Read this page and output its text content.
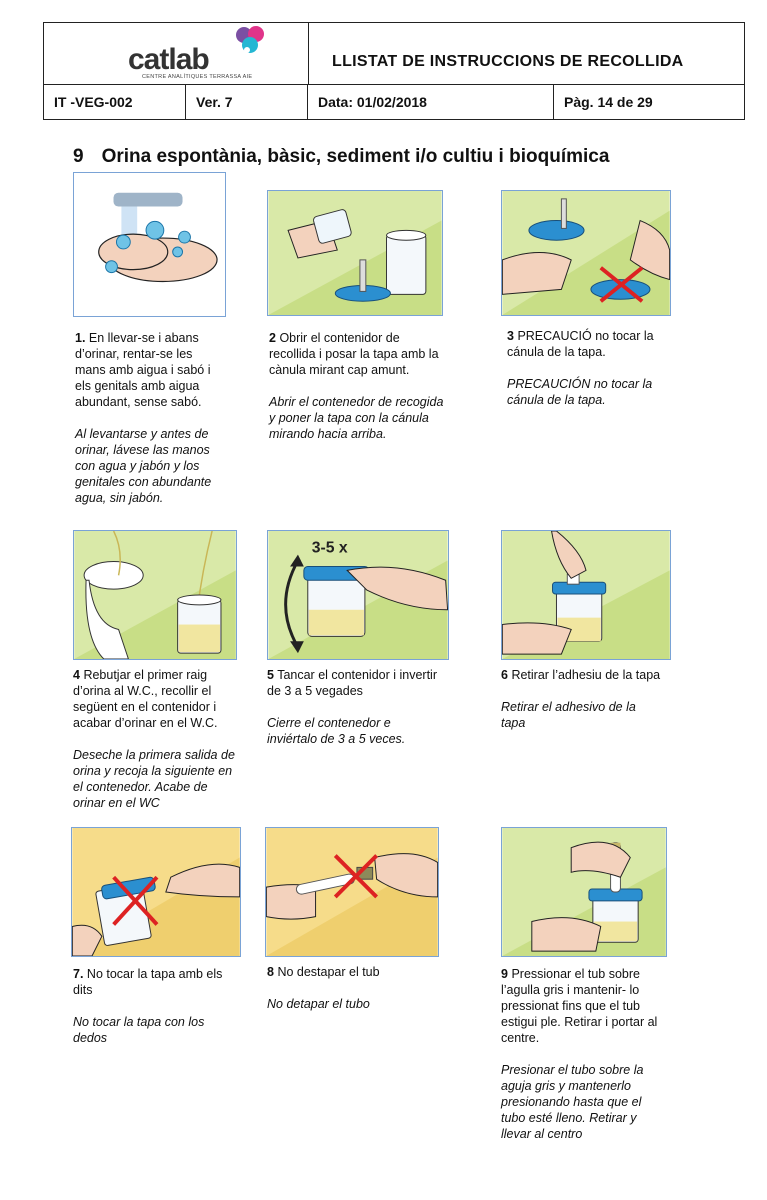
catlab
CENTRE ANALÍTIQUES TERRASSA AIE
LLISTAT DE INSTRUCCIONS DE RECOLLIDA
IT -VEG-002	Ver. 7	Data: 01/02/2018	Pàg. 14 de 29
9 Orina espontània, bàsic, sediment i/o cultiu i bioquímica

1. En llevar-se i abans d’orinar, rentar-se les mans amb aigua i sabó i els genitals amb aigua abundant, sense sabó.

Al levantarse y antes de orinar, lávese las manos con agua y jabón y los genitales con abundante agua, sin jabón.

2 Obrir el contenidor de recollida i posar la tapa amb la cànula mirant cap amunt.

Abrir el contenedor de recogida y poner la tapa con la cánula mirando hacia arriba.

3 PRECAUCIÓ no tocar la cánula de la tapa.

PRECAUCIÓN no tocar la cánula de la tapa.

3-5 x

4 Rebutjar el primer raig d’orina al W.C., recollir el següent en el contenidor i acabar d’orinar en el W.C.

Deseche la primera salida de orina y recoja la siguiente en el contenedor. Acabe de orinar en el WC

5 Tancar el contenidor i invertir de 3 a 5 vegades

Cierre el contenedor e inviértalo de 3 a 5 veces.

6 Retirar l’adhesiu de la tapa

Retirar el adhesivo de la tapa

7. No tocar la tapa amb els dits

No tocar la tapa con los dedos

8 No destapar el tub

No detapar el tubo

9 Pressionar el tub sobre l’agulla gris i mantenir- lo pressionat fins que el tub estigui ple. Retirar i portar al centre.

Presionar el tubo sobre la aguja gris y mantenerlo presionando hasta que el tubo esté lleno. Retirar y llevar al centro
